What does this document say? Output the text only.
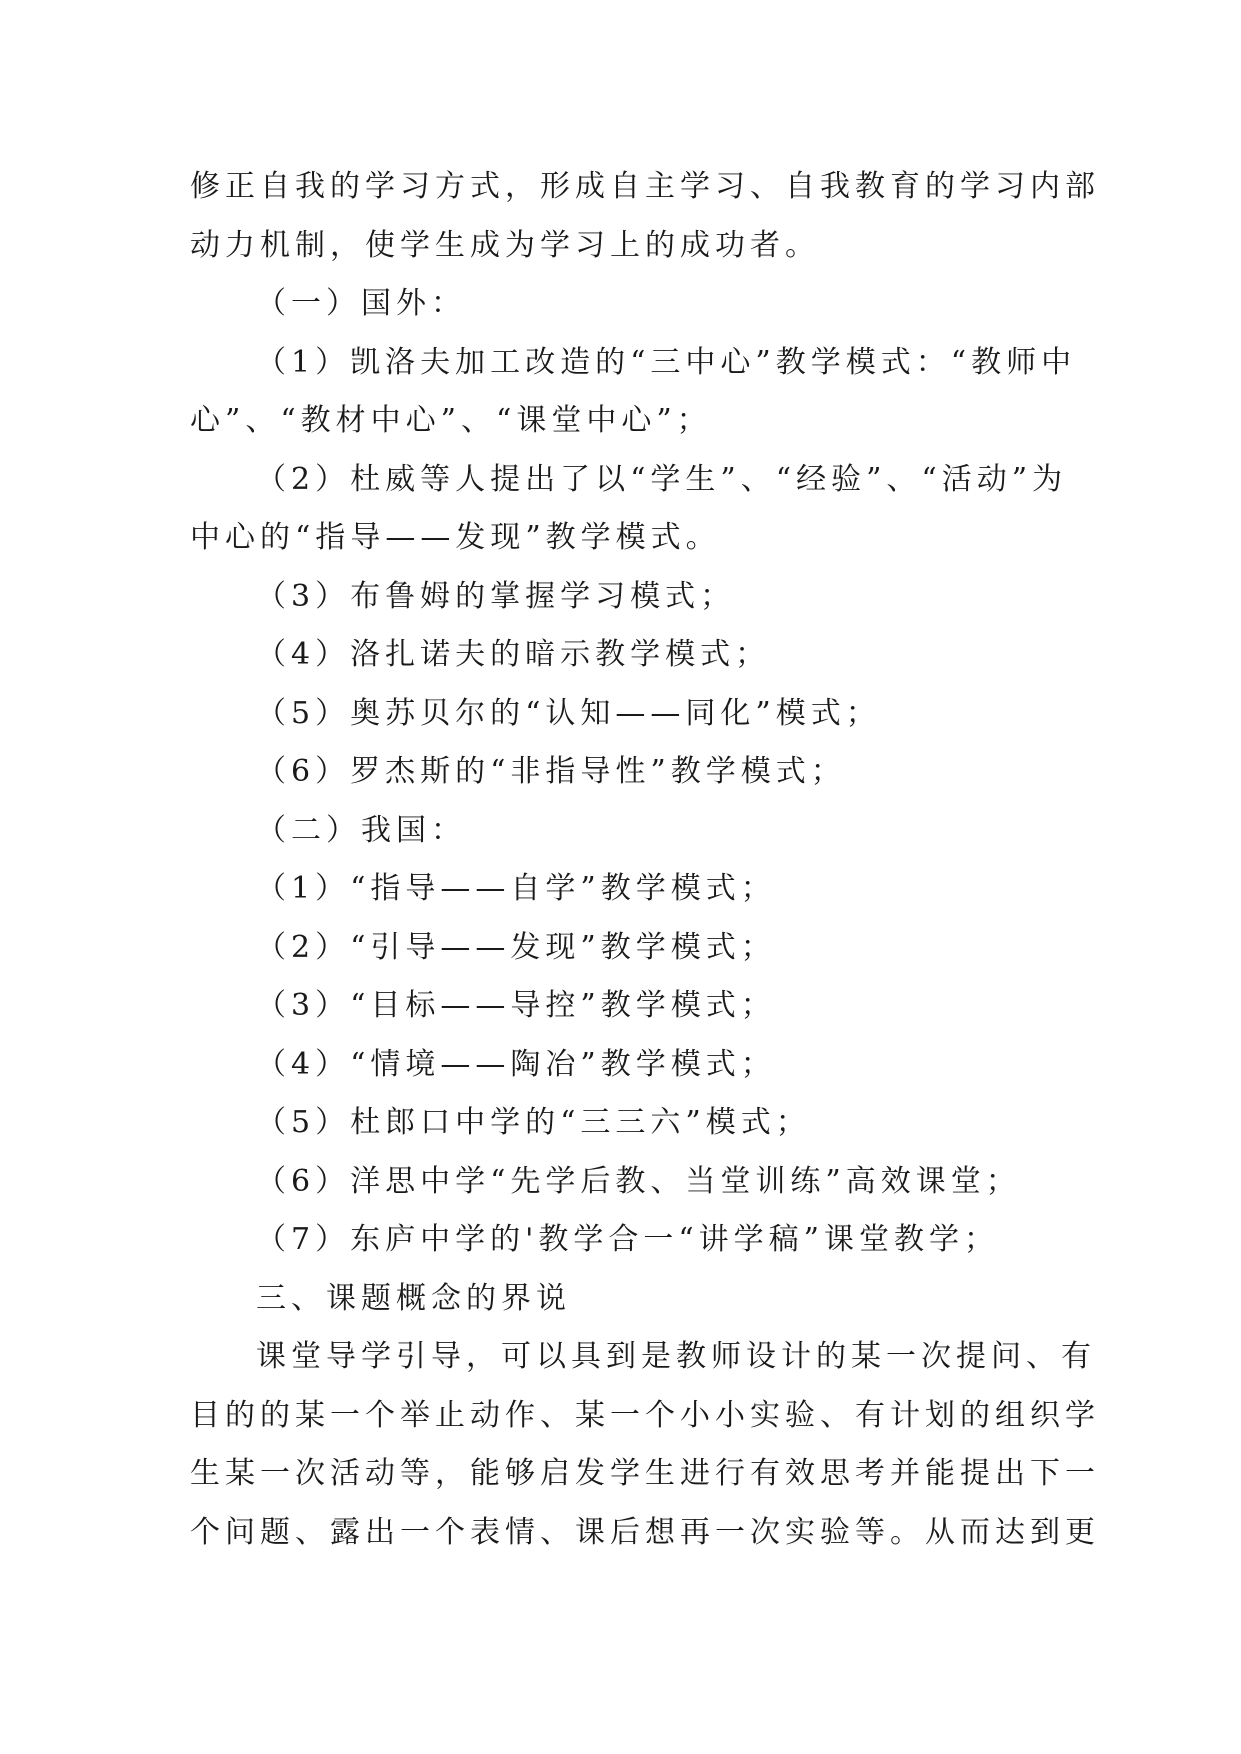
修正自我的学习方式，形成自主学习、自我教育的学习内部
动力机制，使学生成为学习上的成功者。
（一）国外：
（1）凯洛夫加工改造的“三中心”教学模式：“教师中
心”、“教材中心”、“课堂中心”；
（2）杜威等人提出了以“学生”、“经验”、“活动”为
中心的“指导——发现”教学模式。
（3）布鲁姆的掌握学习模式；
（4）洛扎诺夫的暗示教学模式；
（5）奥苏贝尔的“认知——同化”模式；
（6）罗杰斯的“非指导性”教学模式；
（二）我国：
（1）“指导——自学”教学模式；
（2）“引导——发现”教学模式；
（3）“目标——导控”教学模式；
（4）“情境——陶冶”教学模式；
（5）杜郎口中学的“三三六”模式；
（6）洋思中学“先学后教、当堂训练”高效课堂；
（7）东庐中学的'教学合一“讲学稿”课堂教学；
三、课题概念的界说
课堂导学引导，可以具到是教师设计的某一次提问、有
目的的某一个举止动作、某一个小小实验、有计划的组织学
生某一次活动等，能够启发学生进行有效思考并能提出下一
个问题、露出一个表情、课后想再一次实验等。从而达到更
